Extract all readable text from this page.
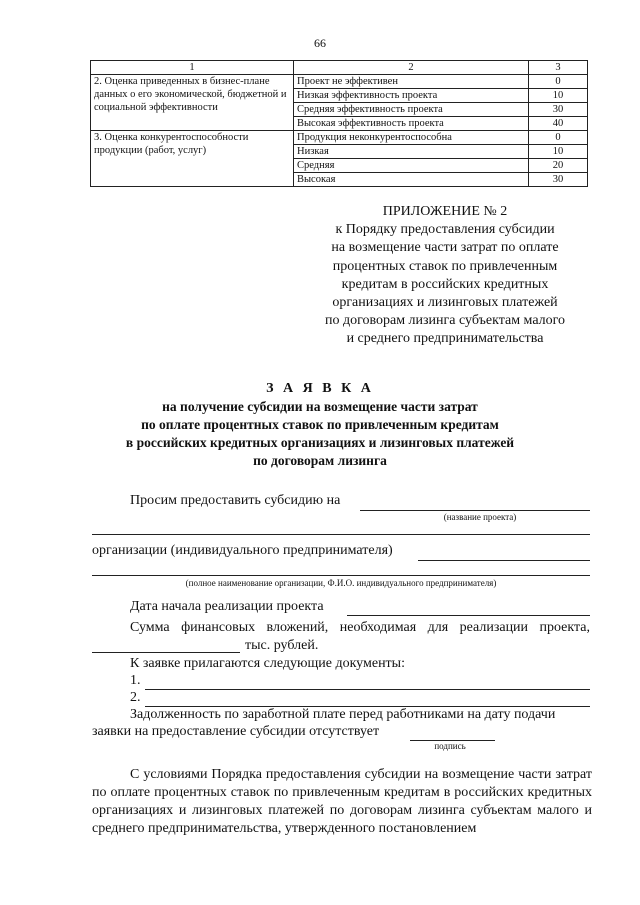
66
1	2	3
2. Оценка приведенных в бизнес-плане данных о его экономической, бюджетной и социальной эффективности	Проект не эффективен	0
	Низкая эффективность проекта	10
	Средняя эффективность проекта	30
	Высокая эффективность проекта	40
3. Оценка конкурентоспособности продукции (работ, услуг)	Продукция неконкурентоспособна	0
	Низкая	10
	Средняя	20
	Высокая	30
ПРИЛОЖЕНИЕ № 2
к Порядку предоставления субсидии
на возмещение части затрат по оплате
процентных ставок по привлеченным
кредитам в российских кредитных
организациях и лизинговых платежей
по договорам лизинга субъектам малого
и среднего предпринимательства
З А Я В К А
на получение субсидии на возмещение части затрат
по оплате процентных ставок по привлеченным кредитам
в российских кредитных организациях и лизинговых платежей
по договорам лизинга
Просим предоставить субсидию на
(название проекта)
организации (индивидуального предпринимателя)
(полное наименование организации, Ф.И.О. индивидуального предпринимателя)
Дата начала реализации проекта
Сумма финансовых вложений, необходимая для реализации проекта,
тыс. рублей.
К заявке прилагаются следующие документы:
1.
2.
Задолженность по заработной плате перед работниками на дату подачи
заявки на предоставление субсидии отсутствует
подпись
С условиями Порядка предоставления субсидии на возмещение части затрат по оплате процентных ставок по привлеченным кредитам в российских кредитных организациях и лизинговых платежей по договорам лизинга субъектам малого и среднего предпринимательства, утвержденного постановлением
